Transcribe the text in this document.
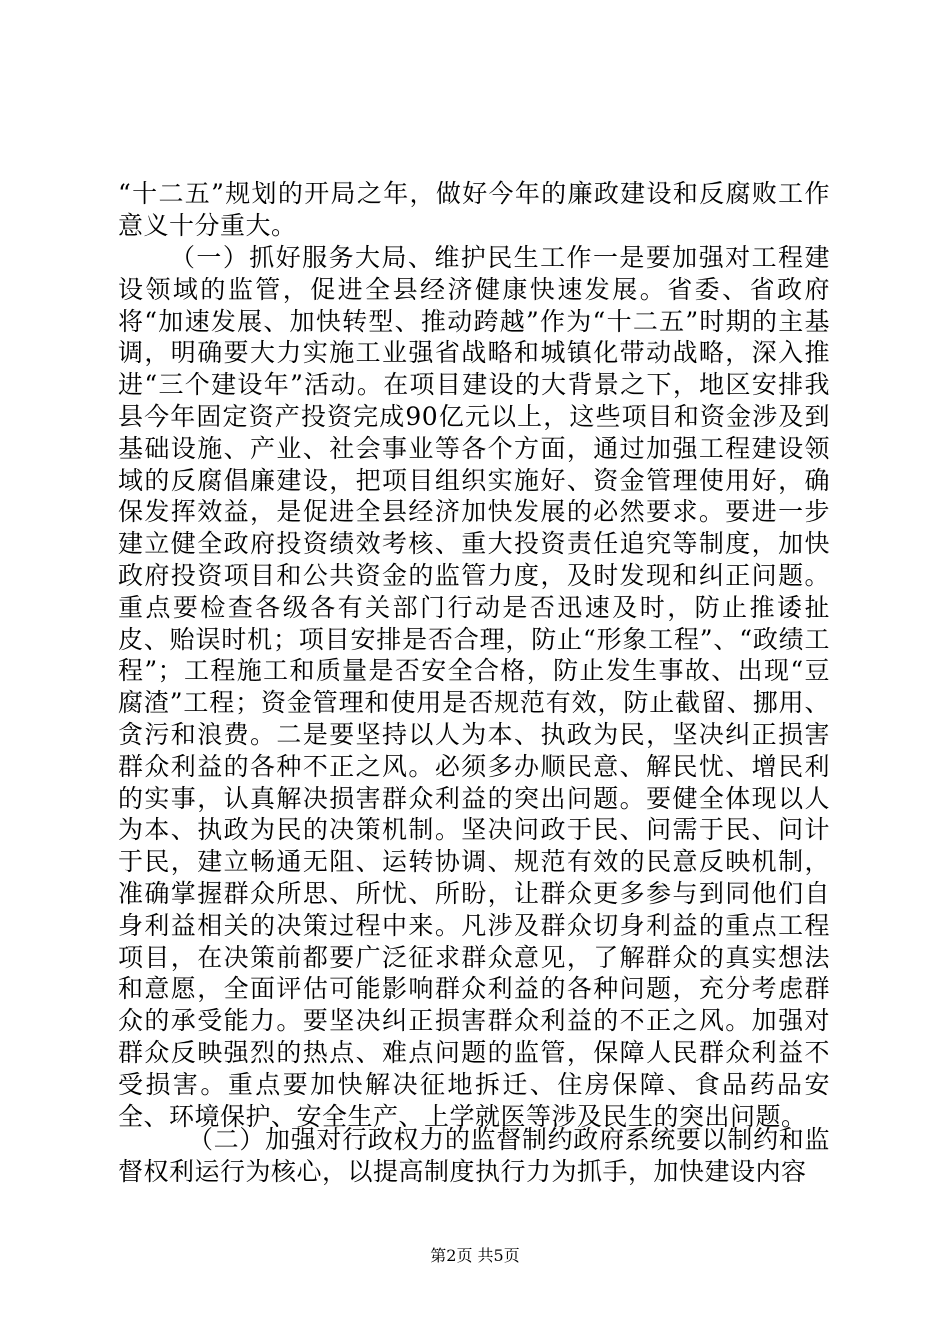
“十二五”规划的开局之年，做好今年的廉政建设和反腐败工作意义十分重大。
（一）抓好服务大局、维护民生工作一是要加强对工程建设领域的监管，促进全县经济健康快速发展。省委、省政府将“加速发展、加快转型、推动跨越”作为“十二五”时期的主基调，明确要大力实施工业强省战略和城镇化带动战略，深入推进“三个建设年”活动。在项目建设的大背景之下，地区安排我县今年固定资产投资完成90亿元以上，这些项目和资金涉及到基础设施、产业、社会事业等各个方面，通过加强工程建设领域的反腐倡廉建设，把项目组织实施好、资金管理使用好，确保发挥效益，是促进全县经济加快发展的必然要求。要进一步建立健全政府投资绩效考核、重大投资责任追究等制度，加快政府投资项目和公共资金的监管力度，及时发现和纠正问题。重点要检查各级各有关部门行动是否迅速及时，防止推诿扯皮、贻误时机；项目安排是否合理，防止“形象工程”、“政绩工程”；工程施工和质量是否安全合格，防止发生事故、出现“豆腐渣”工程；资金管理和使用是否规范有效，防止截留、挪用、贪污和浪费。二是要坚持以人为本、执政为民，坚决纠正损害群众利益的各种不正之风。必须多办顺民意、解民忧、增民利的实事，认真解决损害群众利益的突出问题。要健全体现以人为本、执政为民的决策机制。坚决问政于民、问需于民、问计于民，建立畅通无阻、运转协调、规范有效的民意反映机制，准确掌握群众所思、所忧、所盼，让群众更多参与到同他们自身利益相关的决策过程中来。凡涉及群众切身利益的重点工程项目，在决策前都要广泛征求群众意见，了解群众的真实想法和意愿，全面评估可能影响群众利益的各种问题，充分考虑群众的承受能力。要坚决纠正损害群众利益的不正之风。加强对群众反映强烈的热点、难点问题的监管，保障人民群众利益不受损害。重点要加快解决征地拆迁、住房保障、食品药品安全、环境保护、安全生产、上学就医等涉及民生的突出问题。
（二）加强对行政权力的监督制约政府系统要以制约和监督权利运行为核心，以提高制度执行力为抓手，加快建设内容
第2页 共5页
